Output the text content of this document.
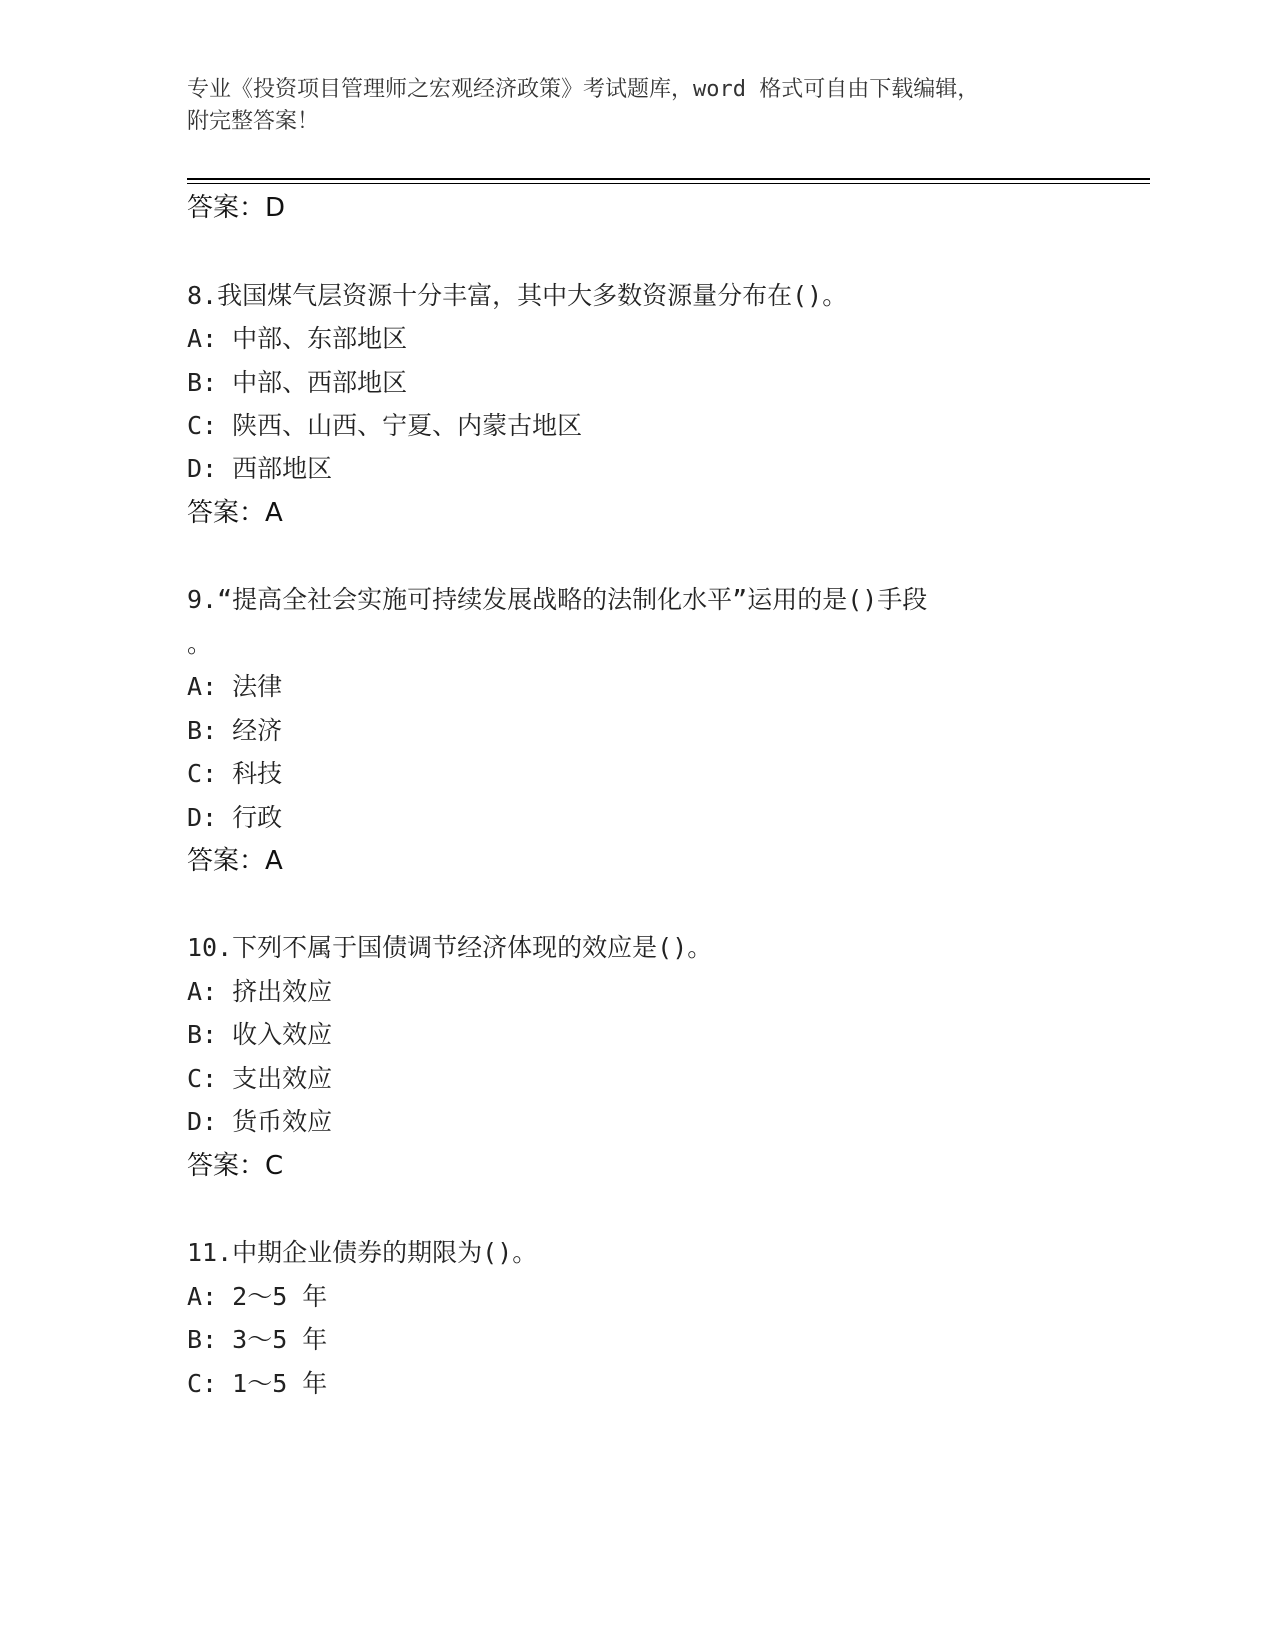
专业《投资项目管理师之宏观经济政策》考试题库，word 格式可自由下载编辑，
附完整答案！
答案：D
8.我国煤气层资源十分丰富，其中大多数资源量分布在()。
A: 中部、东部地区
B: 中部、西部地区
C: 陕西、山西、宁夏、内蒙古地区
D: 西部地区
答案：A
9.“提高全社会实施可持续发展战略的法制化水平”运用的是()手段
。
A: 法律
B: 经济
C: 科技
D: 行政
答案：A
10.下列不属于国债调节经济体现的效应是()。
A: 挤出效应
B: 收入效应
C: 支出效应
D: 货币效应
答案：C
11.中期企业债券的期限为()。
A: 2～5 年
B: 3～5 年
C: 1～5 年
